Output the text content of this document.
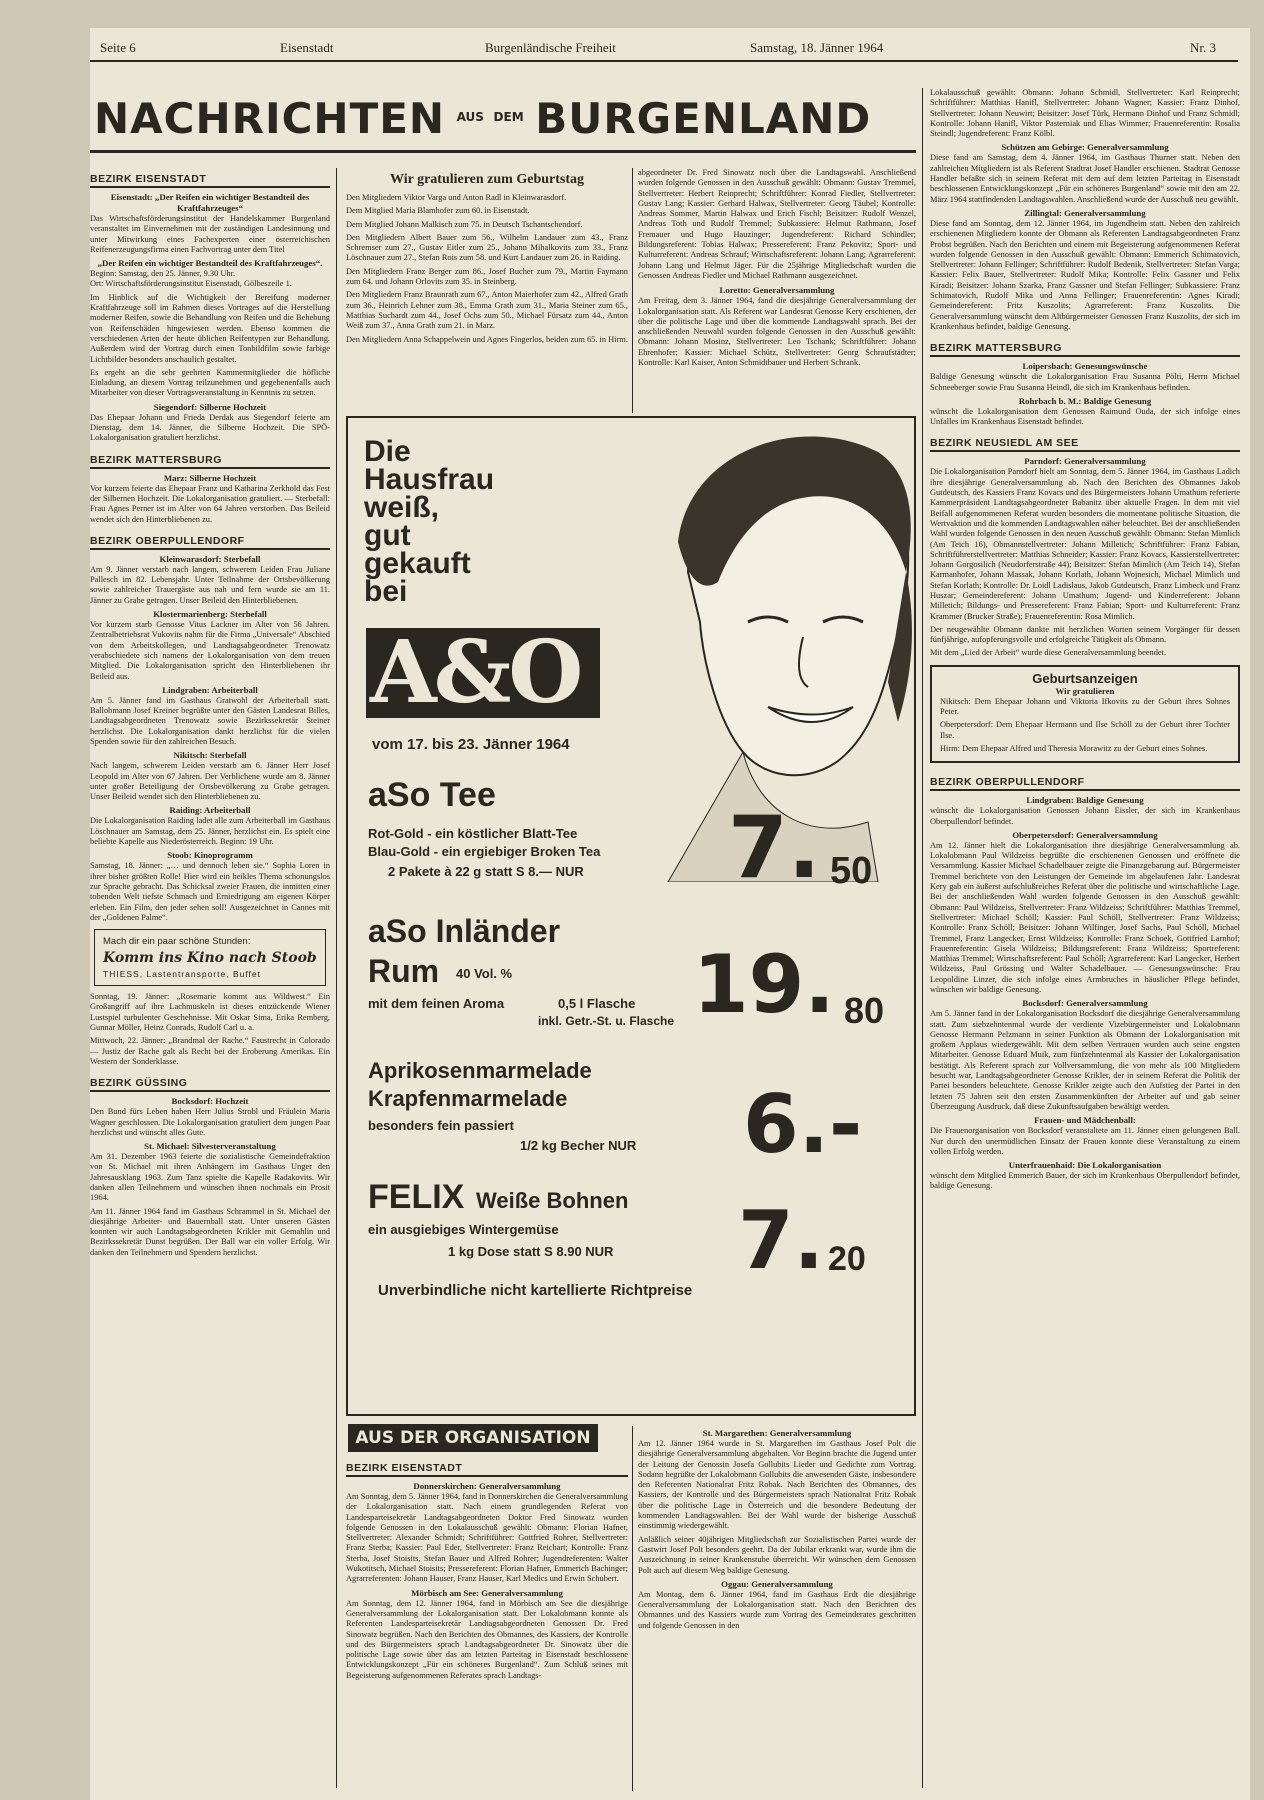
Seite 6	Eisenstadt	Burgenländische Freiheit	Samstag, 18. Jänner 1964	Nr. 3
NACHRICHTEN $^{AUS}$ $^{DEM}$ BURGENLAND
BEZIRK EISENSTADT
Eisenstadt: „Der Reifen ein wichtiger Bestandteil des Kraftfahrzeuges“
Das Wirtschaftsförderungsinstitut der Handelskammer Burgenland veranstaltet im Einvernehmen mit der zuständigen Landesinnung und unter Mitwirkung eines Fachexperten einer österreichischen Reifenerzeugungsfirma einen Fachvortrag unter dem Titel
„Der Reifen ein wichtiger Bestandteil des Kraftfahrzeuges“.
Beginn: Samstag, den 25. Jänner, 9.30 Uhr.
Ort: Wirtschaftsförderungsinstitut Eisenstadt, Gölbeszeile 1.
Im Hinblick auf die Wichtigkeit der Bereifung moderner Kraftfahrzeuge soll im Rahmen dieses Vortrages auf die Herstellung moderner Reifen, sowie die Behandlung von Reifen und die Behebung von Reifenschäden hingewiesen werden. Ebenso kommen die verschiedenen Arten der heute üblichen Reifentypen zur Behandlung. Außerdem wird der Vortrag durch einen Tonbildfilm sowie farbige Lichtbilder besonders anschaulich gestaltet.
Es ergeht an die sehr geehrten Kammermitglieder die höfliche Einladung, an diesem Vortrag teilzunehmen und gegebenenfalls auch Mitarbeiter von dieser Vortragsveranstaltung in Kenntnis zu setzen.
Siegendorf: Silberne Hochzeit
Das Ehepaar Johann und Frieda Derdak aus Siegendorf feierte am Dienstag, dem 14. Jänner, die Silberne Hochzeit. Die SPÖ-Lokalorganisation gratuliert herzlichst.
BEZIRK MATTERSBURG
Marz: Silberne Hochzeit
Vor kurzem feierte das Ehepaar Franz und Katharina Zerkhold das Fest der Silbernen Hochzeit. Die Lokalorganisation gratuliert. — Sterbefall: Frau Agnes Perner ist im Alter von 64 Jahren verstorben. Das Beileid wendet sich den Hinterbliebenen zu.
BEZIRK OBERPULLENDORF
Kleinwarasdorf: Sterbefall
Am 9. Jänner verstarb nach langem, schwerem Leiden Frau Juliane Pallesch im 82. Lebensjahr. Unter Teilnahme der Ortsbevölkerung sowie zahlreicher Trauergäste aus nah und fern wurde sie am 11. Jänner zu Grabe getragen. Unser Beileid den Hinterbliebenen.
Klostermarienberg: Sterbefall
Vor kurzem starb Genosse Vitus Lackner im Alter von 56 Jahren. Zentralbetriebsrat Vukovits nahm für die Firma „Universale“ Abschied von dem Arbeitskollegen, und Landtagsabgeordneter Trenowatz verabschiedete sich namens der Lokalorganisation von dem treuen Mitglied. Die Lokalorganisation spricht den Hinterbliebenen ihr Beileid aus.
Lindgraben: Arbeiterball
Am 5. Jänner fand im Gasthaus Gratwohl der Arbeiterball statt. Ballobmann Josef Kreiner begrüßte unter den Gästen Landesrat Billes, Landtagsabgeordneten Trenowatz sowie Bezirkssekretär Steiner herzlichst. Die Lokalorganisation dankt herzlichst für die vielen Spenden sowie für den zahlreichen Besuch.
Nikitsch: Sterbefall
Nach langem, schwerem Leiden verstarb am 6. Jänner Herr Josef Leopold im Alter von 67 Jahren. Der Verblichene wurde am 8. Jänner unter großer Beteiligung der Ortsbevölkerung zu Grabe getragen. Unser Beileid wendet sich den Hinterbliebenen zu.
Raiding: Arbeiterball
Die Lokalorganisation Raiding ladet alle zum Arbeiterball im Gasthaus Löschnauer am Samstag, dem 25. Jänner, herzlichst ein. Es spielt eine beliebte Kapelle aus Niederösterreich. Beginn: 19 Uhr.
Stoob: Kinoprogramm
Samstag, 18. Jänner: „… und dennoch leben sie.“ Sophia Loren in ihrer bisher größten Rolle! Hier wird ein heikles Thema schonungslos zur Sprache gebracht. Das Schicksal zweier Frauen, die inmitten einer tobenden Welt tiefste Schmach und Erniedrigung am eigenen Körper erleben. Ein Film, den jeder sehen soll! Ausgezeichnet in Cannes mit der „Goldenen Palme“.
Mach dir ein paar schöne Stunden:
Komm ins Kino nach Stoob
THIESS, Lastentransporte, Buffet
Sonntag, 19. Jänner: „Rosemarie kommt aus Wildwest.“ Ein Großangriff auf ihre Lachmuskeln ist dieses entzückende Wiener Lustspiel turbulenter Geschehnisse. Mit Oskar Sima, Erika Remberg, Gunnar Möller, Heinz Conrads, Rudolf Carl u. a.
Mittwoch, 22. Jänner: „Brandmal der Rache.“ Faustrecht in Colorado — Justiz der Rache galt als Recht bei der Eroberung Amerikas. Ein Western der Sonderklasse.
BEZIRK GÜSSING
Bocksdorf: Hochzeit
Den Bund fürs Leben haben Herr Julius Strobl und Fräulein Maria Wagner geschlossen. Die Lokalorganisation gratuliert dem jungen Paar herzlichst und wünscht alles Gute.
St. Michael: Silvesterveranstaltung
Am 31. Dezember 1963 feierte die sozialistische Gemeindefraktion von St. Michael mit ihren Anhängern im Gasthaus Unger den Jahresausklang 1963. Zum Tanz spielte die Kapelle Radakovits. Wir danken allen Teilnehmern und wünschen ihnen nochmals ein Prosit 1964.
Am 11. Jänner 1964 fand im Gasthaus Schrammel in St. Michael der diesjährige Arbeiter- und Bauernball statt. Unter unseren Gästen konnten wir auch Landtagsabgeordneten Krikler mit Gemahlin und Bezirkssekretär Dunst begrüßen. Der Ball war ein voller Erfolg. Wir danken den Teilnehmern und Spendern herzlichst.
Wir gratulieren zum Geburtstag
Den Mitgliedern Viktor Varga und Anton Radl in Kleinwarasdorf.
Dem Mitglied Maria Blamhofer zum 60. in Eisenstadt.
Dem Mitglied Johann Malkisch zum 75. in Deutsch Tschantschendorf.
Den Mitgliedern Albert Bauer zum 56., Wilhelm Landauer zum 43., Franz Schremser zum 27., Gustav Eitler zum 25., Johann Mihalkovits zum 33., Franz Löschnauer zum 27., Stefan Rois zum 58. und Kurt Landauer zum 26. in Raiding.
Den Mitgliedern Franz Berger zum 86., Josef Bucher zum 79., Martin Faymann zum 64. und Johann Orlovits zum 35. in Steinberg.
Den Mitgliedern Franz Braunrath zum 67., Anton Maierhofer zum 42., Alfred Grath zum 36., Heinrich Lehner zum 38., Emma Grath zum 31., Maria Steiner zum 65., Matthias Suchardt zum 44., Josef Ochs zum 50., Michael Fürsatz zum 44., Anton Weiß zum 37., Anna Grath zum 21. in Marz.
Den Mitgliedern Anna Schappelwein und Agnes Fingerlos, beiden zum 65. in Hirm.
abgeordneter Dr. Fred Sinowatz noch über die Landtagswahl. Anschließend wurden folgende Genossen in den Ausschuß gewählt: Obmann: Gustav Tremmel, Stellvertreter: Herbert Reinprecht; Schriftführer: Konrad Fiedler, Stellvertreter: Gustav Lang; Kassier: Gerhard Halwax, Stellvertreter: Georg Täubel; Kontrolle: Andreas Sommer, Martin Halwax und Erich Fischl; Beisitzer: Rudolf Wenzel, Andreas Toth und Rudolf Tremmel; Subkassiere: Helmut Rathmann, Josef Fremauer und Hugo Hauzinger; Jugendreferent: Richard Schindler; Bildungsreferent: Tobias Halwax; Pressereferent: Franz Pekovitz; Sport- und Kulturreferent: Andreas Schrauf; Wirtschaftsreferent: Johann Lang; Agrarreferent: Johann Lang und Helmut Jäger. Für die 25jährige Mitgliedschaft wurden die Genossen Andreas Fiedler und Michael Rathmann ausgezeichnet.
Loretto: Generalversammlung
Am Freitag, dem 3. Jänner 1964, fand die diesjährige Generalversammlung der Lokalorganisation statt. Als Referent war Landesrat Genosse Kery erschienen, der über die politische Lage und über die kommende Landtagswahl sprach. Bei der anschließenden Neuwahl wurden folgende Genossen in den Ausschuß gewählt: Obmann: Johann Mosinz, Stellvertreter: Leo Tschank; Schriftführer: Johann Ehrenhofer; Kassier: Michael Schütz, Stellvertreter: Georg Schraufstädter; Kontrolle: Karl Kaiser, Anton Schmidtbauer und Herbert Schrank.
Die
Hausfrau
weiß,
gut
gekauft
bei
A&O
vom 17. bis 23. Jänner 1964
aSo Tee
Rot-Gold - ein köstlicher Blatt-Tee
Blau-Gold - ein ergiebiger Broken Tea
2 Pakete à 22 g statt S 8.— NUR 7. 50
aSo Inländer
Rum 40 Vol. %
mit dem feinen Aroma	0,5 l Flasche
inkl. Getr.-St. u. Flasche 19. 80
Aprikosenmarmelade
Krapfenmarmelade
besonders fein passiert
1/2 kg Becher NUR 6.-
FELIX Weiße Bohnen
ein ausgiebiges Wintergemüse
1 kg Dose statt S 8.90 NUR 7. 20
Unverbindliche nicht kartellierte Richtpreise
AUS DER ORGANISATION
BEZIRK EISENSTADT
Donnerskirchen: Generalversammlung
Am Sonntag, dem 5. Jänner 1964, fand in Donnerskirchen die Generalversammlung der Lokalorganisation statt. Nach einem grundlegenden Referat von Landesparteisekretär Landtagsabgeordneten Doktor Fred Sinowatz wurden folgende Genossen in den Lokalausschuß gewählt: Obmann: Florian Hafner, Stellvertreter: Alexander Schmidt; Schriftführer: Gottfried Rohrer, Stellvertreter: Franz Sterba; Kassier: Paul Eder, Stellvertreter: Franz Reichart; Kontrolle: Franz Sterba, Josef Stoisits, Stefan Bauer und Alfred Rohrer; Jugendreferenten: Walter Wukotitsch, Michael Stoisits; Pressereferent: Florian Hafner, Emmerich Bachinger; Agrarreferenten: Johann Hauser, Franz Hauser, Karl Medics und Erwin Schubert.
Mörbisch am See: Generalversammlung
Am Sonntag, dem 12. Jänner 1964, fand in Mörbisch am See die diesjährige Generalversammlung der Lokalorganisation statt. Der Lokalobmann konnte als Referenten Landesparteisekretär Landtagsabgeordneten Genossen Dr. Fred Sinowatz begrüßen. Nach den Berichten des Obmannes, des Kassiers, der Kontrolle und des Bürgermeisters sprach Landtagsabgeordneter Dr. Sinowatz über die politische Lage sowie über das am letzten Parteitag in Eisenstadt beschlossene Entwicklungskonzept „Für ein schöneres Burgenland“. Zum Schluß seines mit Begeisterung aufgenommenen Referates sprach Landtags-
St. Margarethen: Generalversammlung
Am 12. Jänner 1964 wurde in St. Margarethen im Gasthaus Josef Polt die diesjährige Generalversammlung abgehalten. Vor Beginn brachte die Jugend unter der Leitung der Genossin Josefa Gollubits Lieder und Gedichte zum Vortrag. Sodann begrüßte der Lokalobmann Gollubits die anwesenden Gäste, insbesondere den Referenten Nationalrat Fritz Robak. Nach Berichten des Obmannes, des Kassiers, der Kontrolle und des Bürgermeisters sprach Nationalrat Fritz Robak über die politische Lage in Österreich und die besondere Bedeutung der kommenden Landtagswahlen. Bei der Wahl wurde der bisherige Ausschuß einstimmig wiedergewählt.
Anläßlich seiner 40jährigen Mitgliedschaft zur Sozialistischen Partei wurde der Gastwirt Josef Polt besonders geehrt. Da der Jubilar erkrankt war, wurde ihm die Auszeichnung in seiner Krankenstube überreicht. Wir wünschen dem Genossen Polt auch auf diesem Weg baldige Genesung.
Oggau: Generalversammlung
Am Montag, dem 6. Jänner 1964, fand im Gasthaus Erdt die diesjährige Generalversammlung der Lokalorganisation statt. Nach den Berichten des Obmannes und des Kassiers wurde zum Vortrag des Gemeinderates geschritten und folgende Genossen in den
Lokalausschuß gewählt: Obmann: Johann Schmidl, Stellvertreter: Karl Reinprecht; Schriftführer: Matthias Hanifl, Stellvertreter: Johann Wagner; Kassier: Franz Dinhof, Stellvertreter: Johann Neuwirt; Beisitzer: Josef Türk, Hermann Dinhof und Franz Schmidl; Kontrolle: Johann Hanifl, Viktor Pasterniak und Elias Wimmer; Frauenreferentin: Rosalia Steindl; Jugendreferent: Franz Kölbl.
Schützen am Gebirge: Generalversammlung
Diese fand am Samstag, dem 4. Jänner 1964, im Gasthaus Thurner statt. Neben den zahlreichen Mitgliedern ist als Referent Stadtrat Josef Handler erschienen. Stadtrat Genosse Handler befaßte sich in seinem Referat mit dem auf dem letzten Parteitag in Eisenstadt beschlossenen Entwicklungskonzept „Für ein schöneres Burgenland“ sowie mit den am 22. März 1964 stattfindenden Landtagswahlen. Anschließend wurde der Ausschuß neu gewählt.
Zillingtal: Generalversammlung
Diese fand am Sonntag, dem 12. Jänner 1964, im Jugendheim statt. Neben den zahlreich erschienenen Mitgliedern konnte der Obmann als Referenten Landtagsabgeordneten Franz Probst begrüßen. Nach den Berichten und einem mit Begeisterung aufgenommenen Referat wurden folgende Genossen in den Ausschuß gewählt: Obmann: Emmerich Schimatovich, Stellvertreter: Johann Fellinger; Schriftführer: Rudolf Bedenik, Stellvertreter: Stefan Varga; Kassier: Felix Bauer, Stellvertreter: Rudolf Mika; Kontrolle: Felix Gassner und Felix Kiradi; Beisitzer: Johann Szarka, Franz Gassner und Stefan Fellinger; Subkassiere: Franz Schimatovich, Rudolf Mika und Anna Fellinger; Frauenreferentin: Agnes Kiradi; Gemeindereferent: Fritz Kuszolits; Agrarreferent: Franz Kuszolits. Die Generalversammlung wünscht dem Altbürgermeister Genossen Franz Kuszolits, der sich im Krankenhaus befindet, baldige Genesung.
BEZIRK MATTERSBURG
Loipersbach: Genesungswünsche
Baldige Genesung wünscht die Lokalorganisation Frau Susanna Pölti, Herrn Michael Schneeberger sowie Frau Susanna Heindl, die sich im Krankenhaus befinden.
Rohrbach b. M.: Baldige Genesung
wünscht die Lokalorganisation dem Genossen Raimund Ouda, der sich infolge eines Unfalles im Krankenhaus Eisenstadt befindet.
BEZIRK NEUSIEDL AM SEE
Parndorf: Generalversammlung
Die Lokalorganisation Parndorf hielt am Sonntag, dem 5. Jänner 1964, im Gasthaus Ladich ihre diesjährige Generalversammlung ab. Nach den Berichten des Obmannes Jakob Gutdeutsch, des Kassiers Franz Kovacs und des Bürgermeisters Johann Umathum referierte Kammerpräsident Landtagsabgeordneter Babanitz über aktuelle Fragen. In dem mit viel Beifall aufgenommenen Referat wurden besonders die momentane politische Situation, die Wertvaktion und die kommenden Landtagswahlen näher beleuchtet. Bei der anschließenden Wahl wurden folgende Genossen in den neuen Ausschuß gewählt: Obmann: Stefan Mimlich (Am Teich 16), Obmannstellvertreter: Johann Milletich; Schriftführer: Franz Fabian, Schriftführerstellvertreter: Matthias Schneider; Kassier: Franz Kovacs, Kassierstellvertreter: Johann Gorgosilich (Neudorferstraße 44); Beisitzer: Stefan Mimlich (Am Teich 14), Stefan Karmanhofer, Johann Massak, Johann Korlath, Johann Wojnesich, Michael Mimlich und Stefan Korlath; Kontrolle: Dr. Loidl Ladislaus, Jakob Gutdeutsch, Franz Limbeck und Franz Huszar; Gemeindereferent: Johann Umathum; Jugend- und Kinderreferent: Johann Milletich; Bildungs- und Pressereferent: Franz Fabian; Sport- und Kulturreferent: Franz Krammer (Brucker Straße); Frauenreferentin: Rosa Mimlich.
Der neugewählte Obmann dankte mit herzlichen Worten seinem Vorgänger für dessen fünfjährige, aufopferungsvolle und erfolgreiche Tätigkeit als Obmann.
Mit dem „Lied der Arbeit“ wurde diese Generalversammlung beendet.
Geburtsanzeigen
Wir gratulieren
Nikitsch: Dem Ehepaar Johann und Viktoria Ifkovits zu der Geburt ihres Sohnes Peter.
Oberpetersdorf: Dem Ehepaar Hermann und Ilse Schöll zu der Geburt ihrer Tochter Ilse.
Hirm: Dem Ehepaar Alfred und Theresia Morawitz zu der Geburt eines Sohnes.
BEZIRK OBERPULLENDORF
Lindgraben: Baldige Genesung
wünscht die Lokalorganisation Genossen Johann Eissler, der sich im Krankenhaus Oberpullendorf befindet.
Oberpetersdorf: Generalversammlung
Am 12. Jänner hielt die Lokalorganisation ihre diesjährige Generalversammlung ab. Lokalobmann Paul Wildzeiss begrüßte die erschienenen Genossen und eröffnete die Versammlung. Kassier Michael Schadelbauer zeigte die Finanzgebarung auf. Bürgermeister Tremmel berichtete von den Leistungen der Gemeinde im abgelaufenen Jahr. Landesrat Kery gab ein äußerst aufschlußreiches Referat über die politische und wirtschaftliche Lage. Bei der anschließenden Wahl wurden folgende Genossen in den Ausschuß gewählt: Obmann: Paul Wildzeiss, Stellvertreter: Franz Wildzeiss; Schriftführer: Matthias Tremmel, Stellvertreter: Michael Schöll; Kassier: Paul Schöll, Stellvertreter: Franz Wildzeiss; Kontrolle: Franz Schöll; Beisitzer: Johann Wilfinger, Josef Sachs, Paul Schöll, Michael Tremmel, Franz Langecker, Ernst Wildzeiss; Kontrolle: Franz Schoek, Gottfried Larnhof; Frauenreferentin: Gisela Wildzeiss; Bildungsreferent: Franz Wildzeiss; Sportreferent: Matthias Tremmel; Wirtschaftsreferent: Paul Schöll; Agrarreferent: Karl Langecker, Herbert Wildzeiss, Paul Grössing und Walter Schadelbauer. — Genesungswünsche: Frau Leopoldine Linzer, die sich infolge eines Armbruches in häuslicher Pflege befindet, wünschen wir baldige Genesung.
Bocksdorf: Generalversammlung
Am 5. Jänner fand in der Lokalorganisation Bocksdorf die diesjährige Generalversammlung statt. Zum siebzehntenmal wurde der verdiente Vizebürgermeister und Lokalobmann Genosse Hermann Pelzmann in seiner Funktion als Obmann der Lokalorganisation mit großem Applaus wiedergewählt. Mit dem selben Vertrauen wurden auch seine engsten Mitarbeiter. Genosse Eduard Muik, zum fünfzehntenmal als Kassier der Lokalorganisation bestätigt. Als Referent sprach zur Vollversammlung, die von mehr als 100 Mitgliedern besucht war, Landtagsabgeordneter Genosse Krikler, der in seinem Referat die Politik der Partei besonders beleuchtete. Genosse Krikler zeigte auch den Aufstieg der Partei in den letzten 75 Jahren seit den ersten Zusammenkünften der Arbeiter auf und gab seiner Überzeugung Ausdruck, daß diese Zukunftsaufgaben bewältigt werden.
Frauen- und Mädchenball:
Die Frauenorganisation von Bocksdorf veranstaltete am 11. Jänner einen gelungenen Ball. Nur durch den unermüdlichen Einsatz der Frauen konnte diese Veranstaltung zu einem vollen Erfolg werden.
Unterfrauenhaid: Die Lokalorganisation
wünscht dem Mitglied Emmerich Bauer, der sich im Krankenhaus Oberpullendorf befindet, baldige Genesung.
